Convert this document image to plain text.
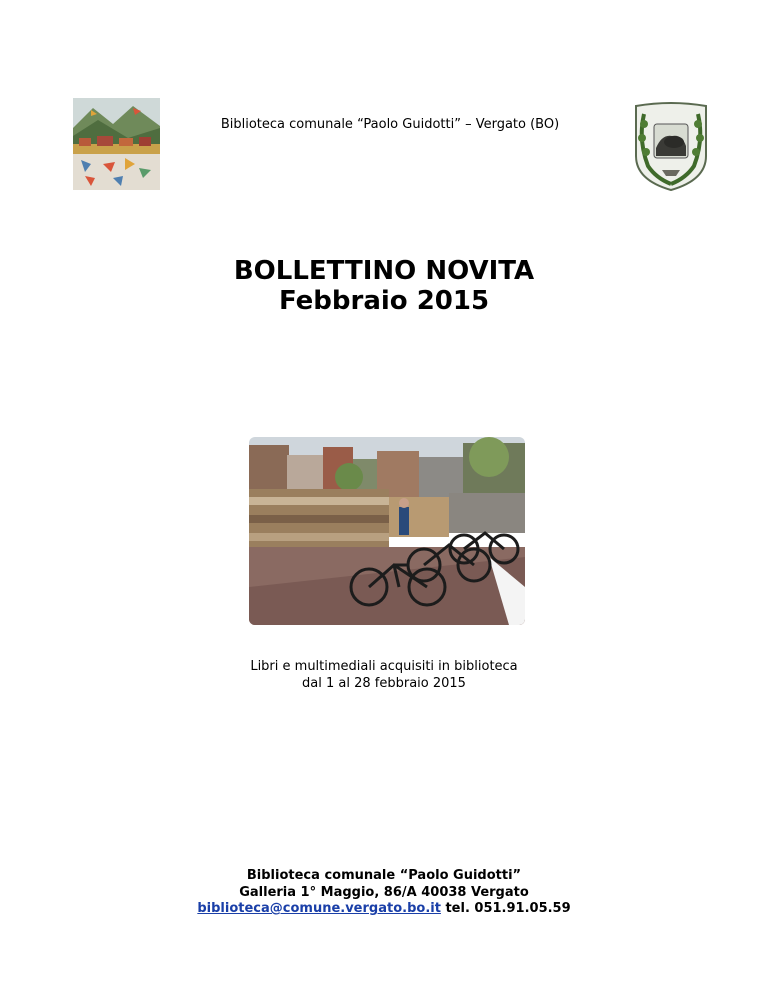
Biblioteca comunale “Paolo Guidotti” – Vergato (BO)
BOLLETTINO NOVITA
Febbraio 2015
Libri e multimediali acquisiti in biblioteca
dal 1 al 28 febbraio 2015
Biblioteca comunale “Paolo Guidotti”
Galleria 1° Maggio, 86/A 40038 Vergato
biblioteca@comune.vergato.bo.it tel. 051.91.05.59
